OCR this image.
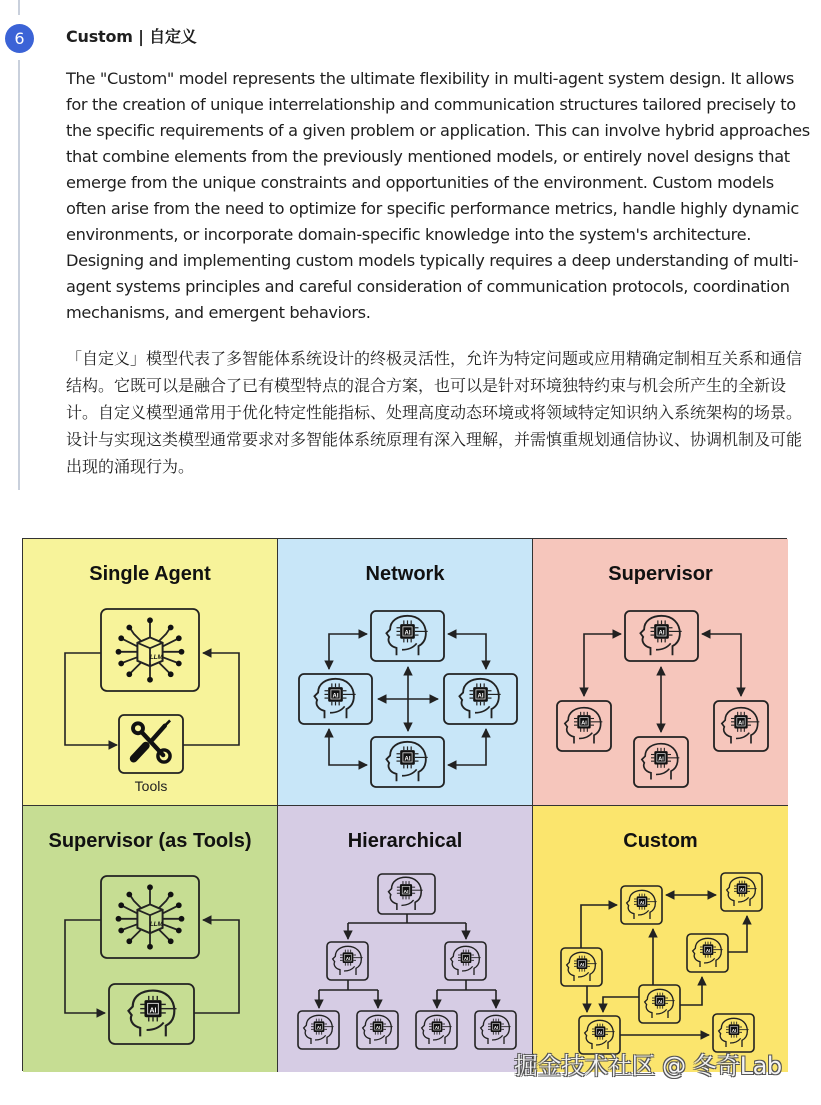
6	Custom | 自定义
The "Custom" model represents the ultimate flexibility in multi-agent system design. It allows for the creation of unique interrelationship and communication structures tailored precisely to the specific requirements of a given problem or application. This can involve hybrid approaches that combine elements from the previously mentioned models, or entirely novel designs that emerge from the unique constraints and opportunities of the environment. Custom models often arise from the need to optimize for specific performance metrics, handle highly dynamic environments, or incorporate domain-specific knowledge into the system's architecture. Designing and implementing custom models typically requires a deep understanding of multi-agent systems principles and careful consideration of communication protocols, coordination mechanisms, and emergent behaviors.
「自定义」模型代表了多智能体系统设计的终极灵活性，允许为特定问题或应用精确定制相互关系和通信结构。它既可以是融合了已有模型特点的混合方案，也可以是针对环境独特约束与机会所产生的全新设计。自定义模型通常用于优化特定性能指标、处理高度动态环境或将领域特定知识纳入系统架构的场景。设计与实现这类模型通常要求对多智能体系统原理有深入理解，并需慎重规划通信协议、协调机制及可能出现的涌现行为。
Single Agent
Tools
Network	Supervisor
Supervisor (as Tools)	Hierarchical	Custom
掘金技术社区 @ 冬奇Lab
